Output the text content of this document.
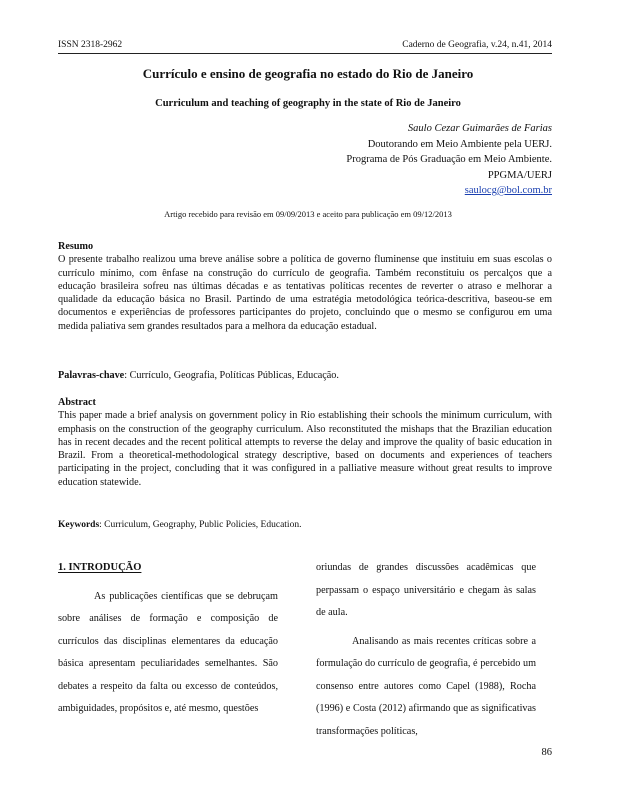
ISSN 2318-2962	Caderno de Geografia, v.24, n.41, 2014
Currículo e ensino de geografia no estado do Rio de Janeiro
Curriculum and teaching of geography in the state of Rio de Janeiro
Saulo Cezar Guimarães de Farias
Doutorando em Meio Ambiente pela UERJ.
Programa de Pós Graduação em Meio Ambiente.
PPGMA/UERJ
saulocg@bol.com.br
Artigo recebido para revisão em 09/09/2013 e aceito para publicação em 09/12/2013
Resumo
O presente trabalho realizou uma breve análise sobre a política de governo fluminense que instituiu em suas escolas o currículo mínimo, com ênfase na construção do currículo de geografia. Também reconstituiu os percalços que a educação brasileira sofreu nas últimas décadas e as tentativas políticas recentes de reverter o atraso e melhorar a qualidade da educação básica no Brasil. Partindo de uma estratégia metodológica teórica-descritiva, baseou-se em documentos e experiências de professores participantes do projeto, concluindo que o mesmo se configurou em uma medida paliativa sem grandes resultados para a melhora da educação estadual.
Palavras-chave: Currículo, Geografia, Políticas Públicas, Educação.
Abstract
This paper made a brief analysis on government policy in Rio establishing their schools the minimum curriculum, with emphasis on the construction of the geography curriculum. Also reconstituted the mishaps that the Brazilian education has in recent decades and the recent political attempts to reverse the delay and improve the quality of basic education in Brazil. From a theoretical-methodological strategy descriptive, based on documents and experiences of teachers participating in the project, concluding that it was configured in a palliative measure without great results to improve education statewide.
Keywords: Curriculum, Geography, Public Policies, Education.
1. INTRODUÇÃO

As publicações científicas que se debruçam sobre análises de formação e composição de currículos das disciplinas elementares da educação básica apresentam peculiaridades semelhantes. São debates a respeito da falta ou excesso de conteúdos, ambiguidades, propósitos e, até mesmo, questões

oriundas de grandes discussões acadêmicas que perpassam o espaço universitário e chegam às salas de aula.

Analisando as mais recentes críticas sobre a formulação do currículo de geografia, é percebido um consenso entre autores como Capel (1988), Rocha (1996) e Costa (2012) afirmando que as significativas transformações políticas,

86
